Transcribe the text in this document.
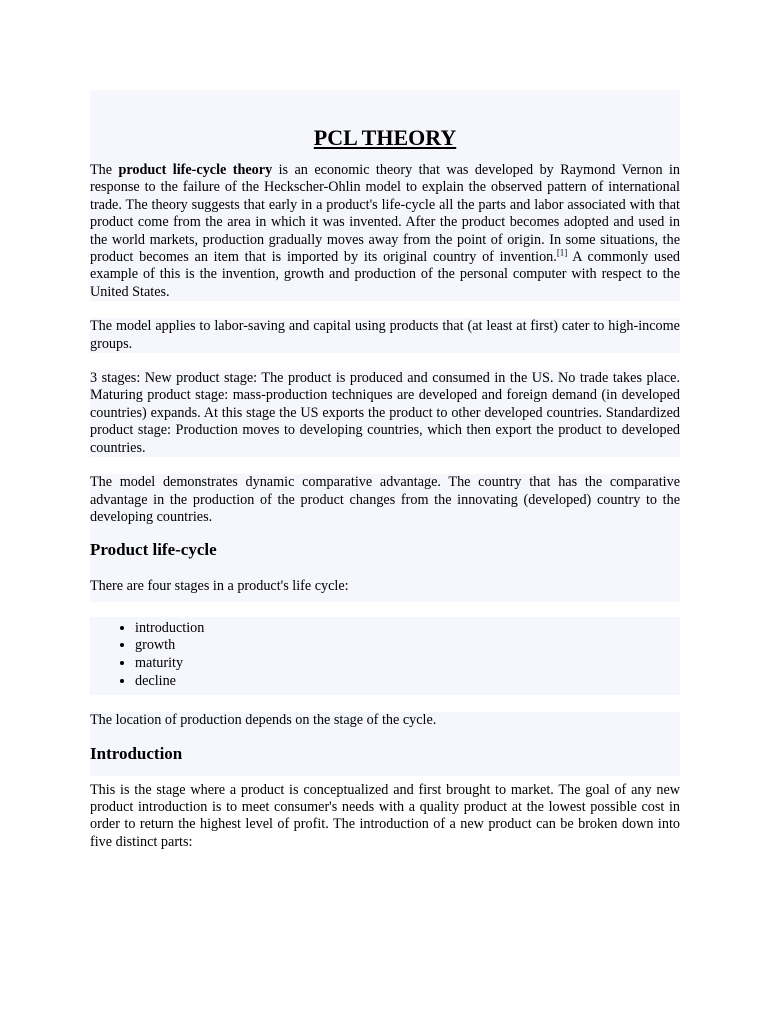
PCL THEORY

The product life-cycle theory is an economic theory that was developed by Raymond Vernon in response to the failure of the Heckscher-Ohlin model to explain the observed pattern of international trade. The theory suggests that early in a product's life-cycle all the parts and labor associated with that product come from the area in which it was invented. After the product becomes adopted and used in the world markets, production gradually moves away from the point of origin. In some situations, the product becomes an item that is imported by its original country of invention.[1] A commonly used example of this is the invention, growth and production of the personal computer with respect to the United States.

The model applies to labor-saving and capital using products that (at least at first) cater to high-income groups.

3 stages: New product stage: The product is produced and consumed in the US. No trade takes place. Maturing product stage: mass-production techniques are developed and foreign demand (in developed countries) expands. At this stage the US exports the product to other developed countries. Standardized product stage: Production moves to developing countries, which then export the product to developed countries.

The model demonstrates dynamic comparative advantage. The country that has the comparative advantage in the production of the product changes from the innovating (developed) country to the developing countries.

Product life-cycle

There are four stages in a product's life cycle:

• introduction
• growth
• maturity
• decline

The location of production depends on the stage of the cycle.

Introduction

This is the stage where a product is conceptualized and first brought to market. The goal of any new product introduction is to meet consumer's needs with a quality product at the lowest possible cost in order to return the highest level of profit. The introduction of a new product can be broken down into five distinct parts:
